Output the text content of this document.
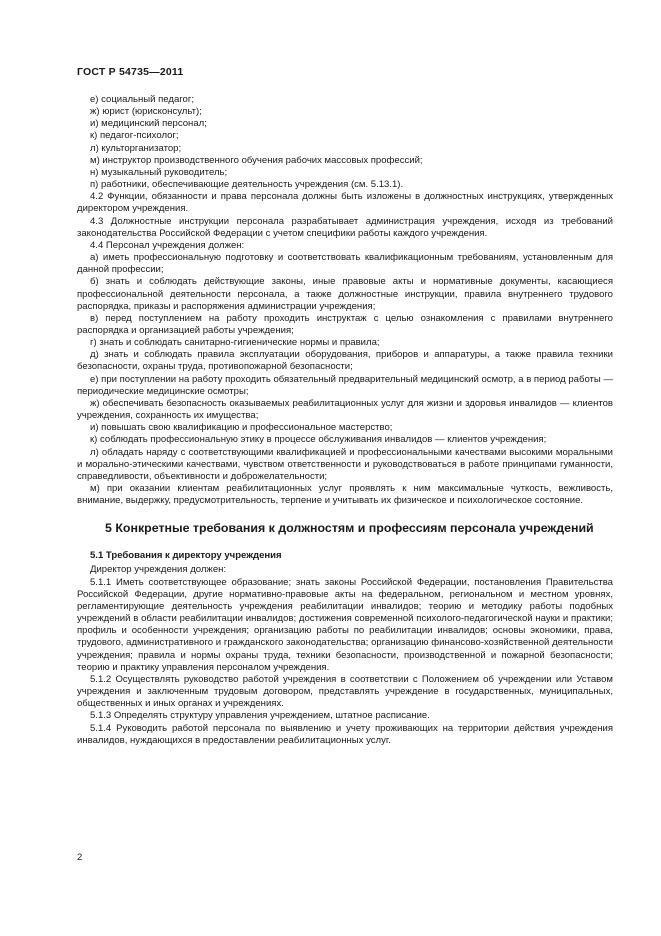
ГОСТ Р 54735—2011

е) социальный педагог;

ж) юрист (юрисконсульт);

и) медицинский персонал;

к) педагог-психолог;

л) культорганизатор;

м) инструктор производственного обучения рабочих массовых профессий;

н) музыкальный руководитель;

п) работники, обеспечивающие деятельность учреждения (см. 5.13.1).

4.2 Функции, обязанности и права персонала должны быть изложены в должностных инструкциях, утвержденных директором учреждения.

4.3 Должностные инструкции персонала разрабатывает администрация учреждения, исходя из требований законодательства Российской Федерации с учетом специфики работы каждого учреждения.

4.4 Персонал учреждения должен:

а) иметь профессиональную подготовку и соответствовать квалификационным требованиям, установленным для данной профессии;

б) знать и соблюдать действующие законы, иные правовые акты и нормативные документы, касающиеся профессиональной деятельности персонала, а также должностные инструкции, правила внутреннего трудового распорядка, приказы и распоряжения администрации учреждения;

в) перед поступлением на работу проходить инструктаж с целью ознакомления с правилами внутреннего распорядка и организацией работы учреждения;

г) знать и соблюдать санитарно-гигиенические нормы и правила;

д) знать и соблюдать правила эксплуатации оборудования, приборов и аппаратуры, а также правила техники безопасности, охраны труда, противопожарной безопасности;

е) при поступлении на работу проходить обязательный предварительный медицинский осмотр, а в период работы — периодические медицинские осмотры;

ж) обеспечивать безопасность оказываемых реабилитационных услуг для жизни и здоровья инвалидов — клиентов учреждения, сохранность их имущества;

и) повышать свою квалификацию и профессиональное мастерство;

к) соблюдать профессиональную этику в процессе обслуживания инвалидов — клиентов учреждения;

л) обладать наряду с соответствующими квалификацией и профессиональными качествами высокими моральными и морально-этическими качествами, чувством ответственности и руководствоваться в работе принципами гуманности, справедливости, объективности и доброжелательности;

м) при оказании клиентам реабилитационных услуг проявлять к ним максимальные чуткость, вежливость, внимание, выдержку, предусмотрительность, терпение и учитывать их физическое и психологическое состояние.

5 Конкретные требования к должностям и профессиям персонала учреждений

5.1 Требования к директору учреждения

Директор учреждения должен:

5.1.1 Иметь соответствующее образование; знать законы Российской Федерации, постановления Правительства Российской Федерации, другие нормативно-правовые акты на федеральном, региональном и местном уровнях, регламентирующие деятельность учреждения реабилитации инвалидов; теорию и методику работы подобных учреждений в области реабилитации инвалидов; достижения современной психолого-педагогической науки и практики; профиль и особенности учреждения; организацию работы по реабилитации инвалидов; основы экономики, права, трудового, административного и гражданского законодательства; организацию финансово-хозяйственной деятельности учреждения; правила и нормы охраны труда, техники безопасности, производственной и пожарной безопасности; теорию и практику управления персоналом учреждения.

5.1.2 Осуществлять руководство работой учреждения в соответствии с Положением об учреждении или Уставом учреждения и заключенным трудовым договором, представлять учреждение в государственных, муниципальных, общественных и иных органах и учреждениях.

5.1.3 Определять структуру управления учреждением, штатное расписание.

5.1.4 Руководить работой персонала по выявлению и учету проживающих на территории действия учреждения инвалидов, нуждающихся в предоставлении реабилитационных услуг.

2
